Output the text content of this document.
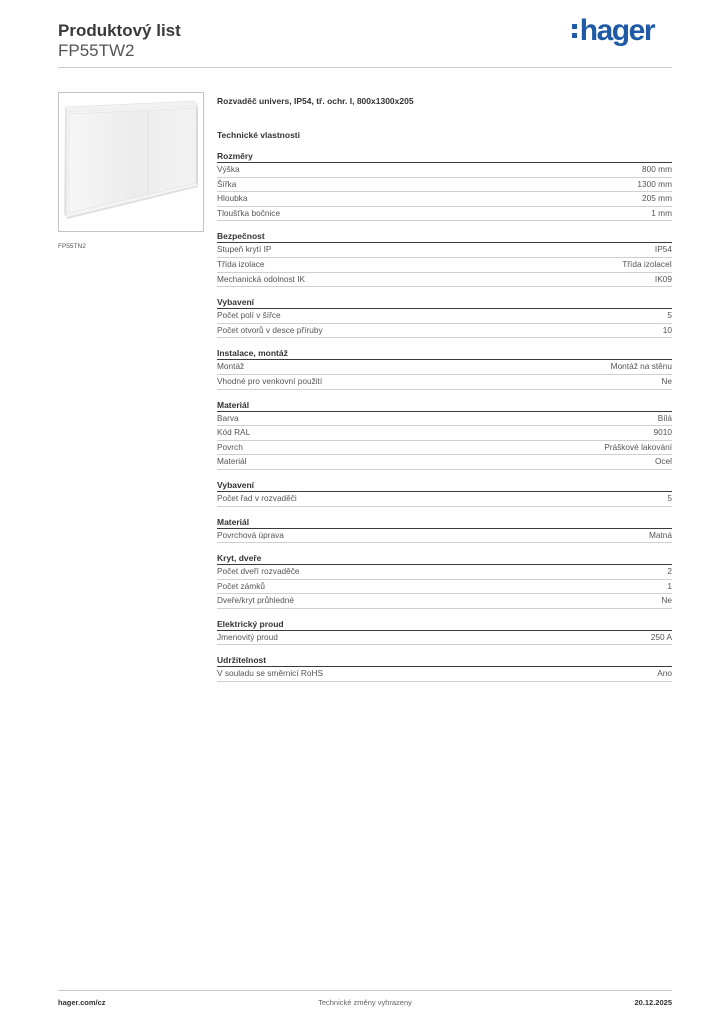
Produktový list
FP55TW2
hager
FP55TN2
Rozvaděč univers, IP54, tř. ochr. I, 800x1300x205
Technické vlastnosti
Rozměry
Výška	800 mm
Šířka	1300 mm
Hloubka	205 mm
Tloušťka bočnice	1 mm
Bezpečnost
Stupeň krytí IP	IP54
Třída izolace	Třída izolaceI
Mechanická odolnost IK	IK09
Vybavení
Počet polí v šířce	5
Počet otvorů v desce příruby	10
Instalace, montáž
Montáž	Montáž na stěnu
Vhodné pro venkovní použití	Ne
Materiál
Barva	Bílá
Kód RAL	9010
Povrch	Práškové lakování
Materiál	Ocel
Vybavení
Počet řad v rozvaděči	5
Materiál
Povrchová úprava	Matná
Kryt, dveře
Počet dveří rozvaděče	2
Počet zámků	1
Dveře/kryt průhledné	Ne
Elektrický proud
Jmenovitý proud	250 A
Udržitelnost
V souladu se směrnicí RoHS	Ano
hager.com/cz	Technické změny vyhrazeny	20.12.2025
